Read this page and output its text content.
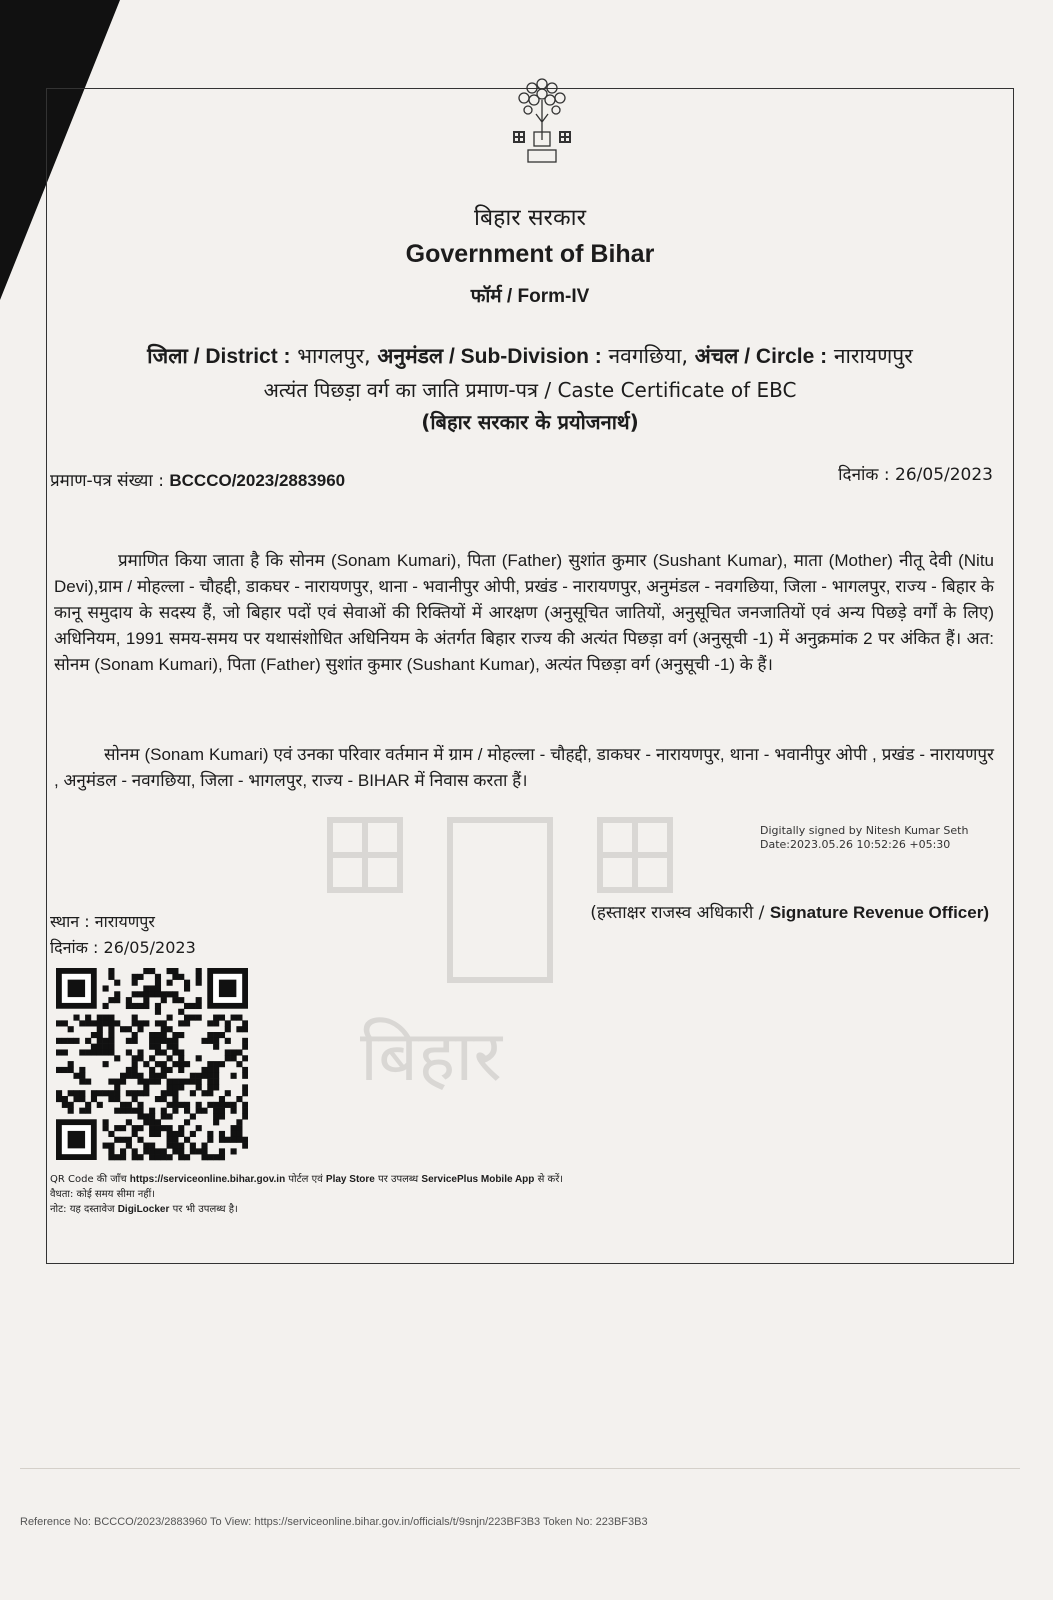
बिहार सरकार
Government of Bihar
फॉर्म / Form-IV
जिला / District : भागलपुर, अनुमंडल / Sub-Division : नवगछिया, अंचल / Circle : नारायणपुर
अत्यंत पिछड़ा वर्ग का जाति प्रमाण-पत्र / Caste Certificate of EBC
(बिहार सरकार के प्रयोजनार्थ)
प्रमाण-पत्र संख्या : BCCCO/2023/2883960	दिनांक : 26/05/2023
बिहार
प्रमाणित किया जाता है कि सोनम (Sonam Kumari), पिता (Father) सुशांत कुमार (Sushant Kumar), माता (Mother) नीतू देवी (Nitu Devi),ग्राम / मोहल्ला - चौहद्दी, डाकघर - नारायणपुर, थाना - भवानीपुर ओपी, प्रखंड - नारायणपुर, अनुमंडल - नवगछिया, जिला - भागलपुर, राज्य - बिहार के कानू समुदाय के सदस्य हैं, जो बिहार पदों एवं सेवाओं की रिक्तियों में आरक्षण (अनुसूचित जातियों, अनुसूचित जनजातियों एवं अन्य पिछड़े वर्गों के लिए) अधिनियम, 1991 समय-समय पर यथासंशोधित अधिनियम के अंतर्गत बिहार राज्य की अत्यंत पिछड़ा वर्ग (अनुसूची -1) में अनुक्रमांक 2 पर अंकित हैं। अत: सोनम (Sonam Kumari), पिता (Father) सुशांत कुमार (Sushant Kumar), अत्यंत पिछड़ा वर्ग (अनुसूची -1) के हैं।
सोनम (Sonam Kumari) एवं उनका परिवार वर्तमान में ग्राम / मोहल्ला - चौहद्दी, डाकघर - नारायणपुर, थाना - भवानीपुर ओपी , प्रखंड - नारायणपुर , अनुमंडल - नवगछिया, जिला - भागलपुर, राज्य - BIHAR में निवास करता हैं।
Digitally signed by Nitesh Kumar Seth
Date:2023.05.26 10:52:26 +05:30
(हस्ताक्षर राजस्व अधिकारी / Signature Revenue Officer)
स्थान : नारायणपुर
दिनांक : 26/05/2023
QR Code की जाँच https://serviceonline.bihar.gov.in पोर्टल एवं Play Store पर उपलब्ध ServicePlus Mobile App से करें।
वैधता: कोई समय सीमा नहीं।
नोट: यह दस्तावेज DigiLocker पर भी उपलब्ध है।
Reference No: BCCCO/2023/2883960 To View: https://serviceonline.bihar.gov.in/officials/t/9snjn/223BF3B3 Token No: 223BF3B3
